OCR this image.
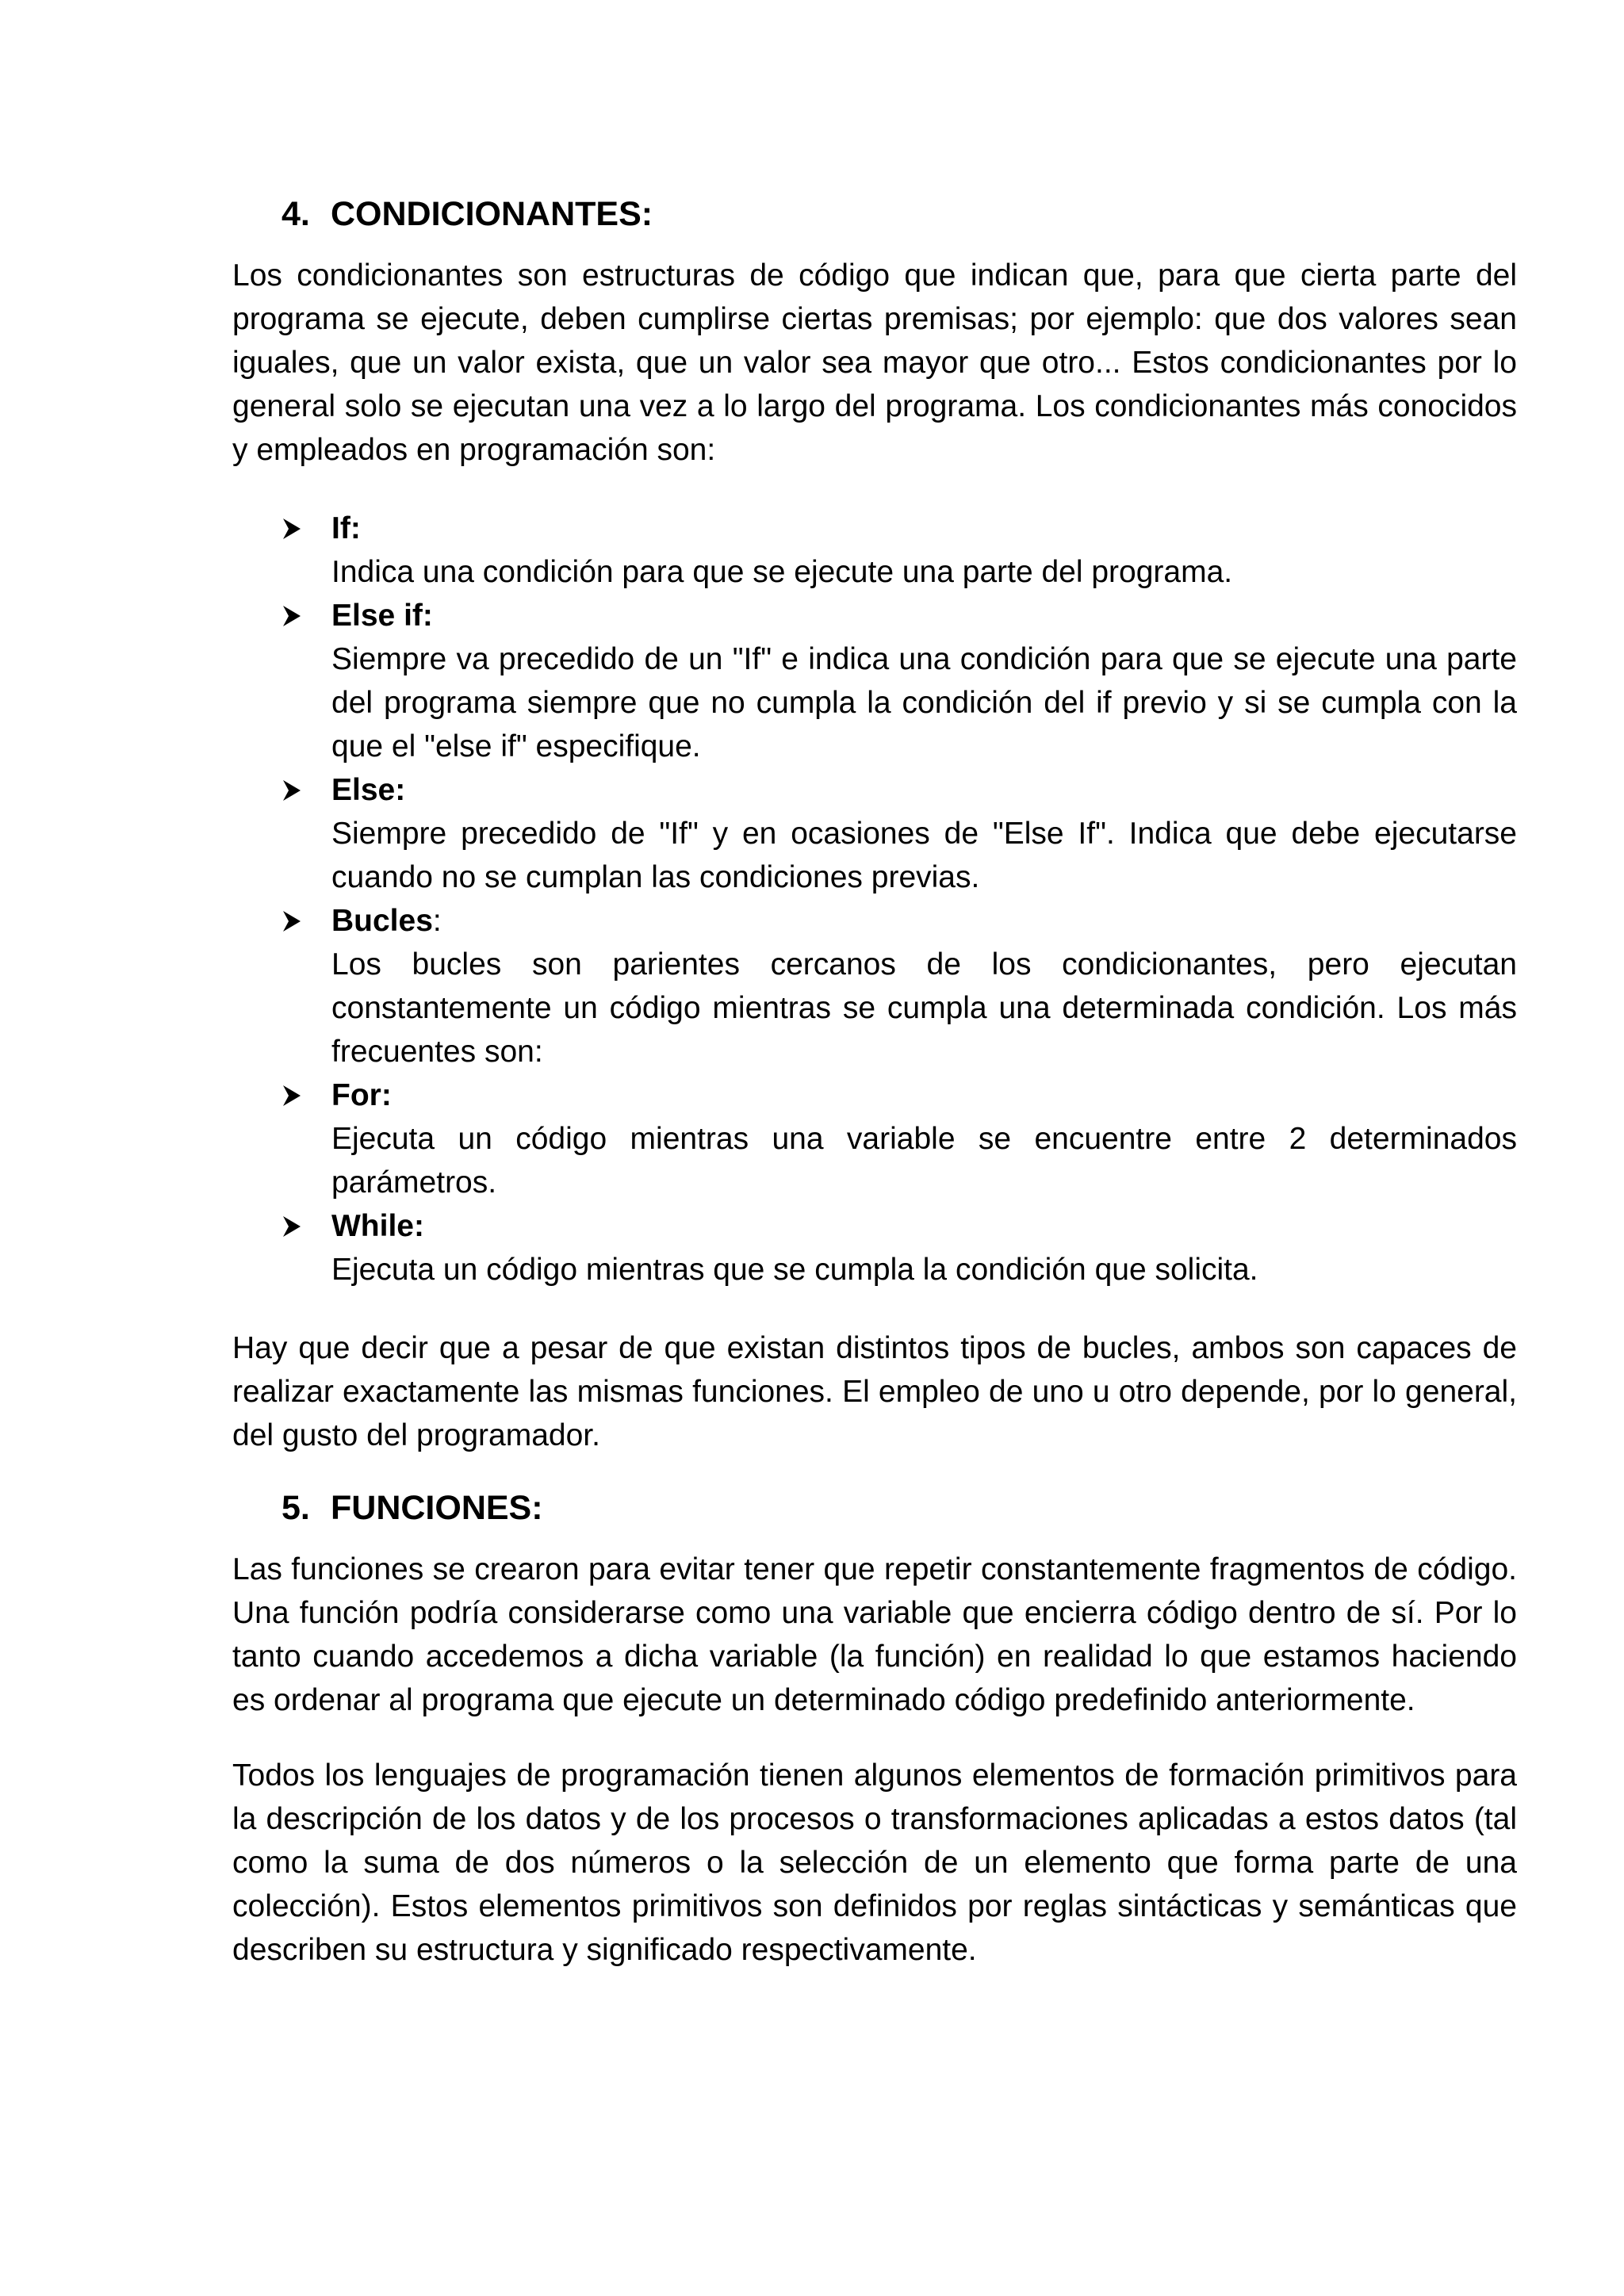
4. CONDICIONANTES:

Los condicionantes son estructuras de código que indican que, para que cierta parte del programa se ejecute, deben cumplirse ciertas premisas; por ejemplo: que dos valores sean iguales, que un valor exista, que un valor sea mayor que otro... Estos condicionantes por lo general solo se ejecutan una vez a lo largo del programa. Los condicionantes más conocidos y empleados en programación son:

If:
Indica una condición para que se ejecute una parte del programa.
Else if:
Siempre va precedido de un "If" e indica una condición para que se ejecute una parte del programa siempre que no cumpla la condición del if previo y si se cumpla con la que el "else if" especifique.
Else:
Siempre precedido de "If" y en ocasiones de "Else If". Indica que debe ejecutarse cuando no se cumplan las condiciones previas.
Bucles:
Los bucles son parientes cercanos de los condicionantes, pero ejecutan constantemente un código mientras se cumpla una determinada condición. Los más frecuentes son:
For:
Ejecuta un código mientras una variable se encuentre entre 2 determinados parámetros.
While:
Ejecuta un código mientras que se cumpla la condición que solicita.

Hay que decir que a pesar de que existan distintos tipos de bucles, ambos son capaces de realizar exactamente las mismas funciones. El empleo de uno u otro depende, por lo general, del gusto del programador.

5. FUNCIONES:

Las funciones se crearon para evitar tener que repetir constantemente fragmentos de código. Una función podría considerarse como una variable que encierra código dentro de sí. Por lo tanto cuando accedemos a dicha variable (la función) en realidad lo que estamos haciendo es ordenar al programa que ejecute un determinado código predefinido anteriormente.

Todos los lenguajes de programación tienen algunos elementos de formación primitivos para la descripción de los datos y de los procesos o transformaciones aplicadas a estos datos (tal como la suma de dos números o la selección de un elemento que forma parte de una colección). Estos elementos primitivos son definidos por reglas sintácticas y semánticas que describen su estructura y significado respectivamente.
